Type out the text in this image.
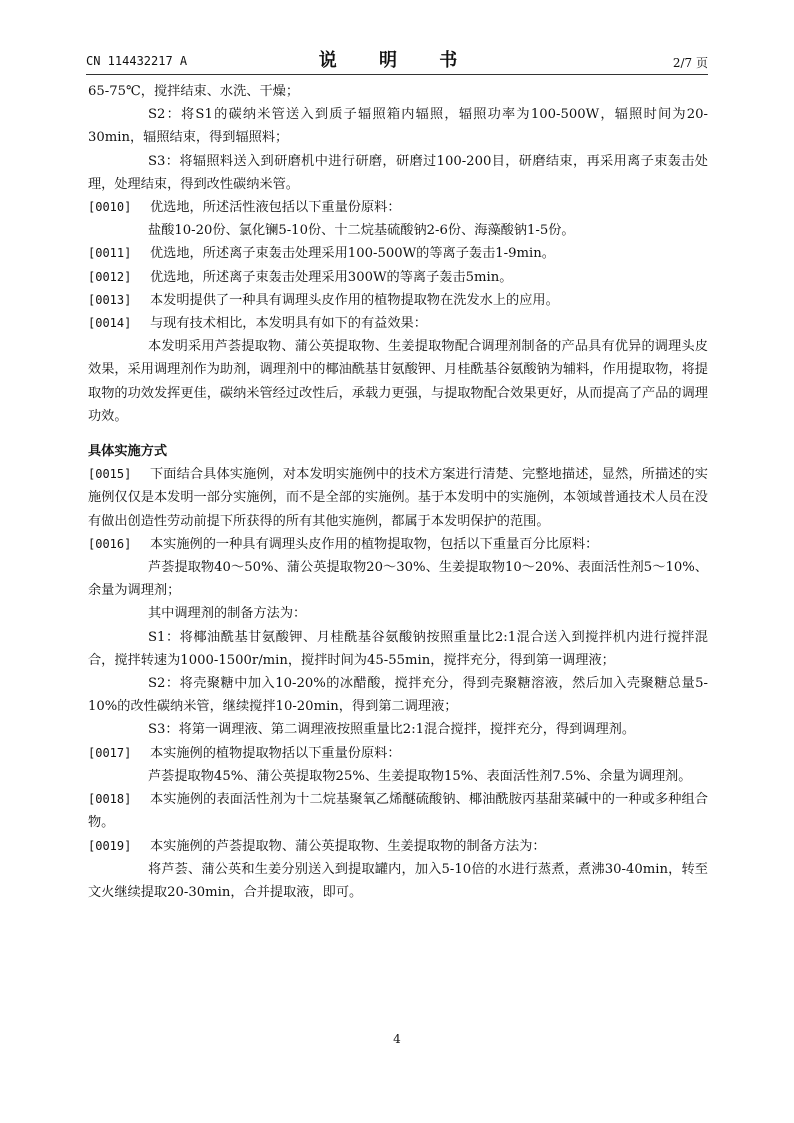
CN 114432217 A	说 明 书	2/7 页

65-75℃，搅拌结束、水洗、干燥；

S2：将S1的碳纳米管送入到质子辐照箱内辐照，辐照功率为100-500W，辐照时间为20-30min，辐照结束，得到辐照料；

S3：将辐照料送入到研磨机中进行研磨，研磨过100-200目，研磨结束，再采用离子束轰击处理，处理结束，得到改性碳纳米管。

[0010] 优选地，所述活性液包括以下重量份原料：

盐酸10-20份、氯化镧5-10份、十二烷基硫酸钠2-6份、海藻酸钠1-5份。

[0011] 优选地，所述离子束轰击处理采用100-500W的等离子轰击1-9min。

[0012] 优选地，所述离子束轰击处理采用300W的等离子轰击5min。

[0013] 本发明提供了一种具有调理头皮作用的植物提取物在洗发水上的应用。

[0014] 与现有技术相比，本发明具有如下的有益效果：

本发明采用芦荟提取物、蒲公英提取物、生姜提取物配合调理剂制备的产品具有优异的调理头皮效果，采用调理剂作为助剂，调理剂中的椰油酰基甘氨酸钾、月桂酰基谷氨酸钠为辅料，作用提取物，将提取物的功效发挥更佳，碳纳米管经过改性后，承载力更强，与提取物配合效果更好，从而提高了产品的调理功效。

具体实施方式

[0015] 下面结合具体实施例，对本发明实施例中的技术方案进行清楚、完整地描述，显然，所描述的实施例仅仅是本发明一部分实施例，而不是全部的实施例。基于本发明中的实施例，本领域普通技术人员在没有做出创造性劳动前提下所获得的所有其他实施例，都属于本发明保护的范围。

[0016] 本实施例的一种具有调理头皮作用的植物提取物，包括以下重量百分比原料：

芦荟提取物40～50%、蒲公英提取物20～30%、生姜提取物10～20%、表面活性剂5～10%、余量为调理剂；

其中调理剂的制备方法为：

S1：将椰油酰基甘氨酸钾、月桂酰基谷氨酸钠按照重量比2:1混合送入到搅拌机内进行搅拌混合，搅拌转速为1000-1500r/min，搅拌时间为45-55min，搅拌充分，得到第一调理液；

S2：将壳聚糖中加入10-20%的冰醋酸，搅拌充分，得到壳聚糖溶液，然后加入壳聚糖总量5-10%的改性碳纳米管，继续搅拌10-20min，得到第二调理液；

S3：将第一调理液、第二调理液按照重量比2:1混合搅拌，搅拌充分，得到调理剂。

[0017] 本实施例的植物提取物括以下重量份原料：

芦荟提取物45%、蒲公英提取物25%、生姜提取物15%、表面活性剂7.5%、余量为调理剂。

[0018] 本实施例的表面活性剂为十二烷基聚氧乙烯醚硫酸钠、椰油酰胺丙基甜菜碱中的一种或多种组合物。

[0019] 本实施例的芦荟提取物、蒲公英提取物、生姜提取物的制备方法为：

将芦荟、蒲公英和生姜分别送入到提取罐内，加入5-10倍的水进行蒸煮，煮沸30-40min，转至文火继续提取20-30min，合并提取液，即可。

4
